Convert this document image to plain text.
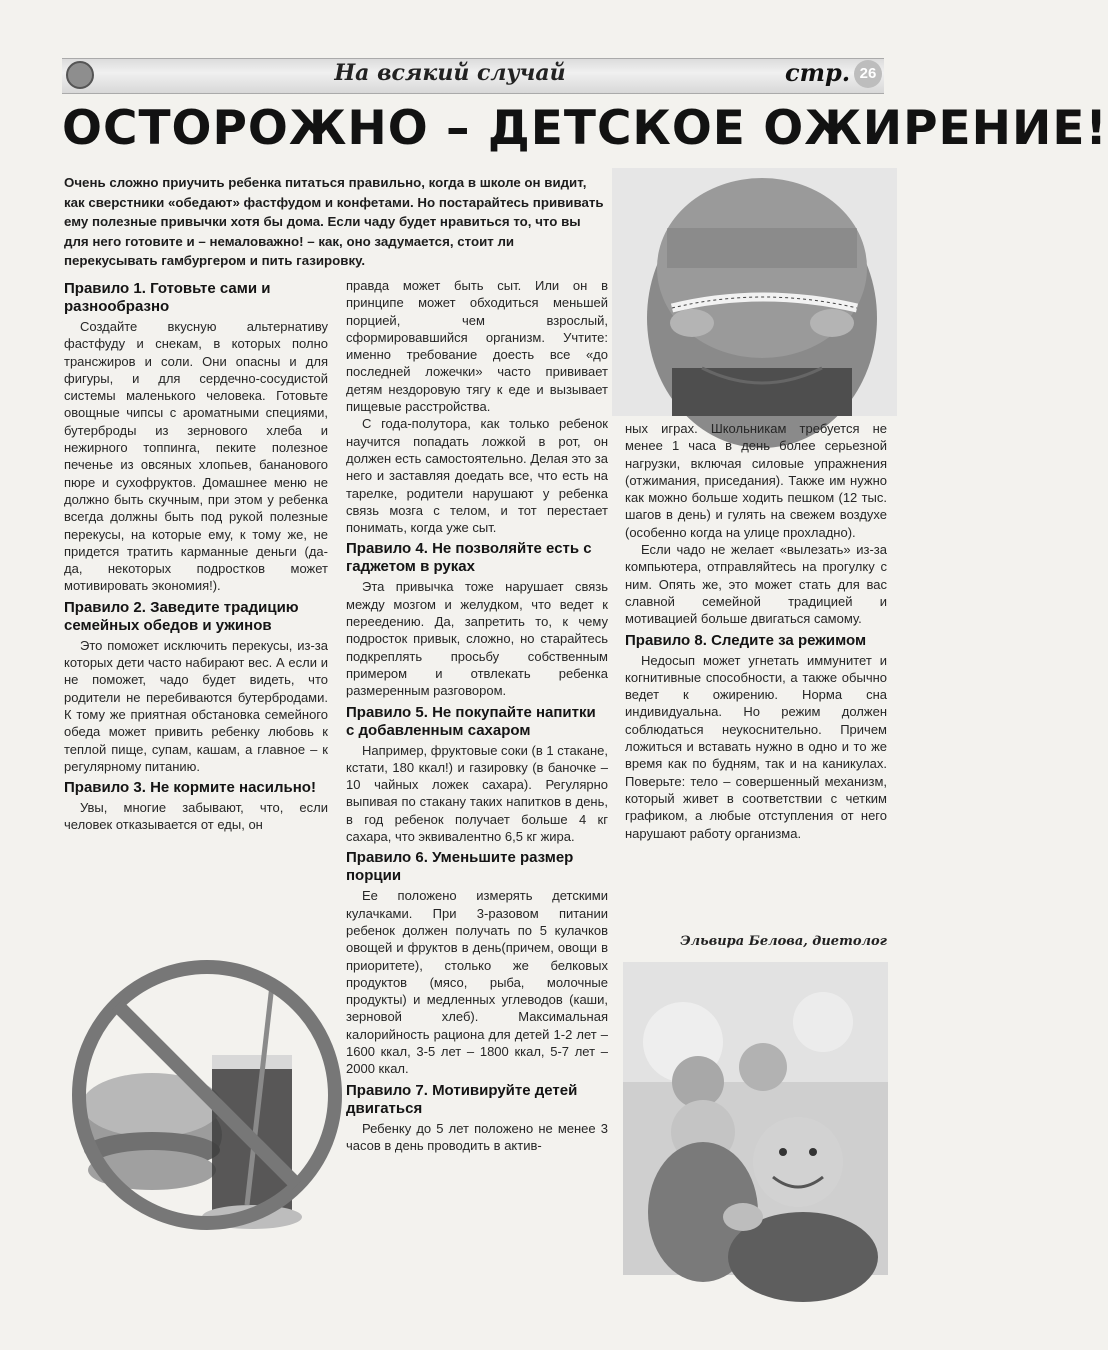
На всякий случай	стр. 26
ОСТОРОЖНО – ДЕТСКОЕ ОЖИРЕНИЕ!
Очень сложно приучить ребенка питаться правильно, когда в школе он видит, как сверстники «обедают» фастфудом и конфетами. Но постарайтесь прививать ему полезные привычки хотя бы дома. Если чаду будет нравиться то, что вы для него готовите и – немаловажно! – как, оно задумается, стоит ли перекусывать гамбургером и пить газировку.
Правило 1. Готовьте сами и разнообразно

Создайте вкусную альтернативу фастфуду и снекам, в которых полно трансжиров и соли. Они опасны и для фигуры, и для сердечно-сосудистой системы маленького человека. Готовьте овощные чипсы с ароматными специями, бутерброды из зернового хлеба и нежирного топпинга, пеките полезное печенье из овсяных хлопьев, бананового пюре и сухофруктов. Домашнее меню не должно быть скучным, при этом у ребенка всегда должны быть под рукой полезные перекусы, на которые ему, к тому же, не придется тратить карманные деньги (да-да, некоторых подростков может мотивировать экономия!).

Правило 2. Заведите традицию семейных обедов и ужинов

Это поможет исключить перекусы, из-за которых дети часто набирают вес. А если и не поможет, чадо будет видеть, что родители не перебиваются бутербродами. К тому же приятная обстановка семейного обеда может привить ребенку любовь к теплой пище, супам, кашам, а главное – к регулярному питанию.

Правило 3. Не кормите насильно!

Увы, многие забывают, что, если человек отказывается от еды, он

правда может быть сыт. Или он в принципе может обходиться меньшей порцией, чем взрослый, сформировавшийся организм. Учтите: именно требование доесть все «до последней ложечки» часто прививает детям нездоровую тягу к еде и вызывает пищевые расстройства.

С года-полутора, как только ребенок научится попадать ложкой в рот, он должен есть самостоятельно. Делая это за него и заставляя доедать все, что есть на тарелке, родители нарушают у ребенка связь мозга с телом, и тот перестает понимать, когда уже сыт.

Правило 4. Не позволяйте есть с гаджетом в руках

Эта привычка тоже нарушает связь между мозгом и желудком, что ведет к переедению. Да, запретить то, к чему подросток привык, сложно, но старайтесь подкреплять просьбу собственным примером и отвлекать ребенка размеренным разговором.

Правило 5. Не покупайте напитки с добавленным сахаром

Например, фруктовые соки (в 1 стакане, кстати, 180 ккал!) и газировку (в баночке – 10 чайных ложек сахара). Регулярно выпивая по стакану таких напитков в день, в год ребенок получает больше 4 кг сахара, что эквивалентно 6,5 кг жира.

Правило 6. Уменьшите размер порции

Ее положено измерять детскими кулачками. При 3-разовом питании ребенок должен получать по 5 кулачков овощей и фруктов в день(причем, овощи в приоритете), столько же белковых продуктов (мясо, рыба, молочные продукты) и медленных углеводов (каши, зерновой хлеб). Максимальная калорийность рациона для детей 1-2 лет – 1600 ккал, 3-5 лет – 1800 ккал, 5-7 лет – 2000 ккал.

Правило 7. Мотивируйте детей двигаться

Ребенку до 5 лет положено не менее 3 часов в день проводить в актив-

ных играх. Школьникам требуется не менее 1 часа в день более серьезной нагрузки, включая силовые упражнения (отжимания, приседания). Также им нужно как можно больше ходить пешком (12 тыс. шагов в день) и гулять на свежем воздухе (особенно когда на улице прохладно).

Если чадо не желает «вылезать» из-за компьютера, отправляйтесь на прогулку с ним. Опять же, это может стать для вас славной семейной традицией и мотивацией больше двигаться самому.

Правило 8. Следите за режимом

Недосып может угнетать иммунитет и когнитивные способности, а также обычно ведет к ожирению. Норма сна индивидуальна. Но режим должен соблюдаться неукоснительно. Причем ложиться и вставать нужно в одно и то же время как по будням, так и на каникулах. Поверьте: тело – совершенный механизм, который живет в соответствии с четким графиком, а любые отступления от него нарушают работу организма.

Эльвира Белова, диетолог
